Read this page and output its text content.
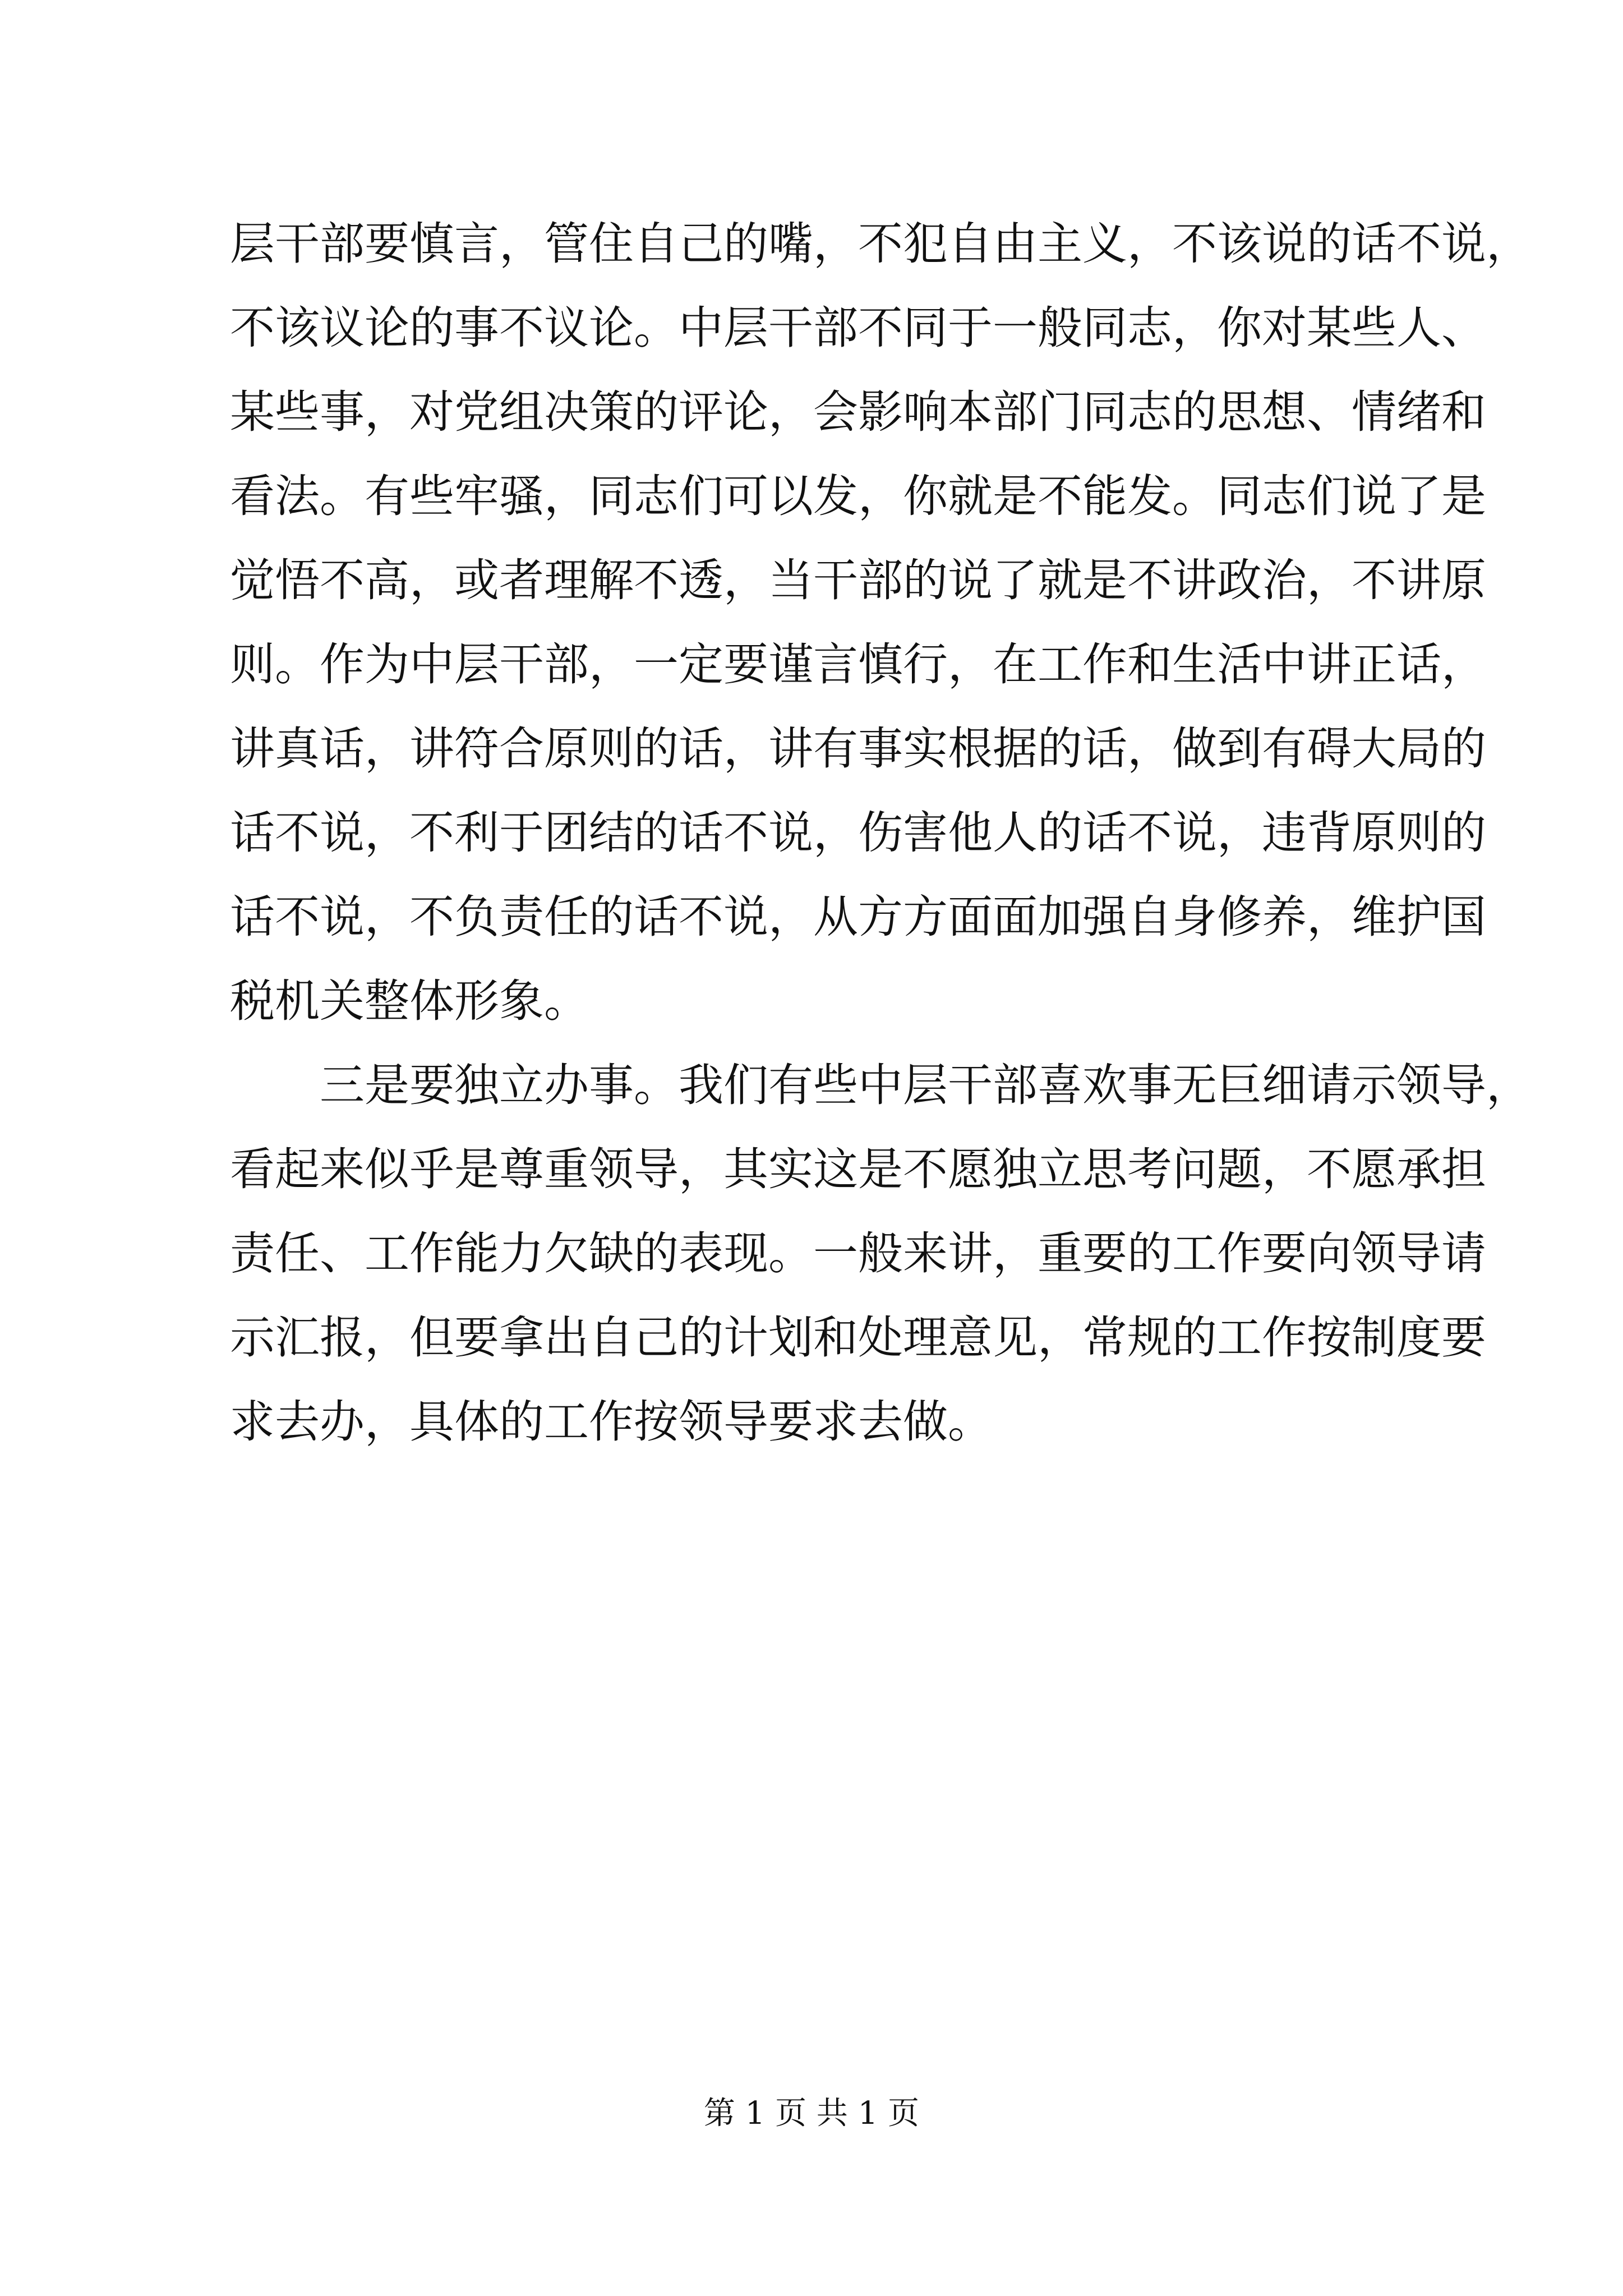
层干部要慎言，管住自己的嘴，不犯自由主义，不该说的话不说，

不该议论的事不议论。中层干部不同于一般同志，你对某些人、

某些事，对党组决策的评论，会影响本部门同志的思想、情绪和

看法。有些牢骚，同志们可以发，你就是不能发。同志们说了是

觉悟不高，或者理解不透，当干部的说了就是不讲政治，不讲原

则。作为中层干部，一定要谨言慎行，在工作和生活中讲正话，

讲真话，讲符合原则的话，讲有事实根据的话，做到有碍大局的

话不说，不利于团结的话不说，伤害他人的话不说，违背原则的

话不说，不负责任的话不说，从方方面面加强自身修养，维护国

税机关整体形象。

三是要独立办事。我们有些中层干部喜欢事无巨细请示领导，

看起来似乎是尊重领导，其实这是不愿独立思考问题，不愿承担

责任、工作能力欠缺的表现。一般来讲，重要的工作要向领导请

示汇报，但要拿出自己的计划和处理意见，常规的工作按制度要

求去办，具体的工作按领导要求去做。

第 1 页 共 1 页
